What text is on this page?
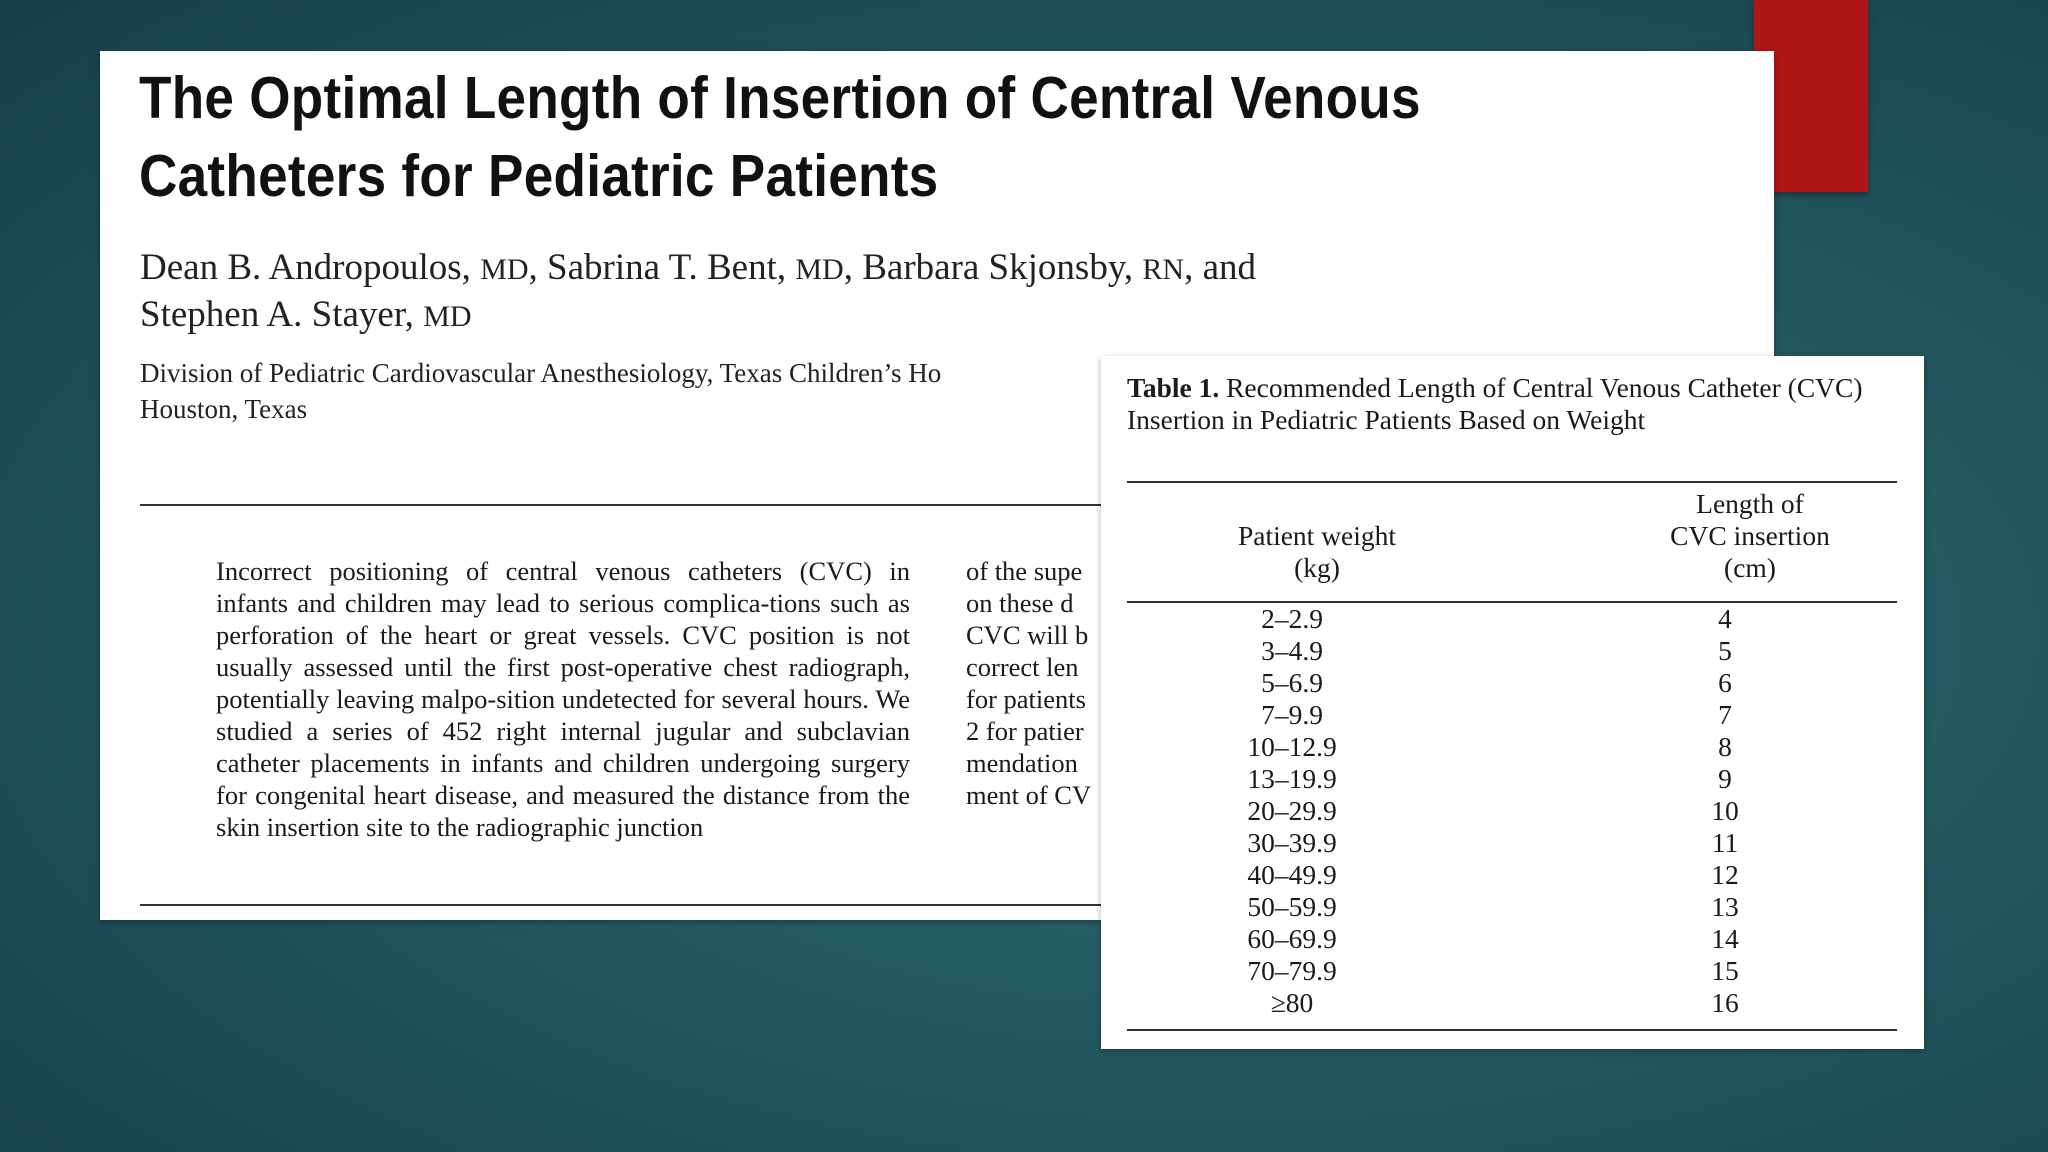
The Optimal Length of Insertion of Central Venous Catheters for Pediatric Patients
Dean B. Andropoulos, MD, Sabrina T. Bent, MD, Barbara Skjonsby, RN, and
Stephen A. Stayer, MD
Division of Pediatric Cardiovascular Anesthesiology, Texas Children’s Ho
Houston, Texas
Incorrect positioning of central venous catheters (CVC) in infants and children may lead to serious complica-tions such as perforation of the heart or great vessels. CVC position is not usually assessed until the first post-operative chest radiograph, potentially leaving malpo-sition undetected for several hours. We studied a series of 452 right internal jugular and subclavian catheter placements in infants and children undergoing surgery for congenital heart disease, and measured the distance from the skin insertion site to the radiographic junction
of the supe
on these d
CVC will b
correct len
for patients
2 for patier
mendation
ment of CV
Table 1. Recommended Length of Central Venous Catheter (CVC) Insertion in Pediatric Patients Based on Weight
Patient weight
(kg)
Length of
CVC insertion
(cm)
2–2.9	4
3–4.9	5
5–6.9	6
7–9.9	7
10–12.9	8
13–19.9	9
20–29.9	10
30–39.9	11
40–49.9	12
50–59.9	13
60–69.9	14
70–79.9	15
≥80	16
